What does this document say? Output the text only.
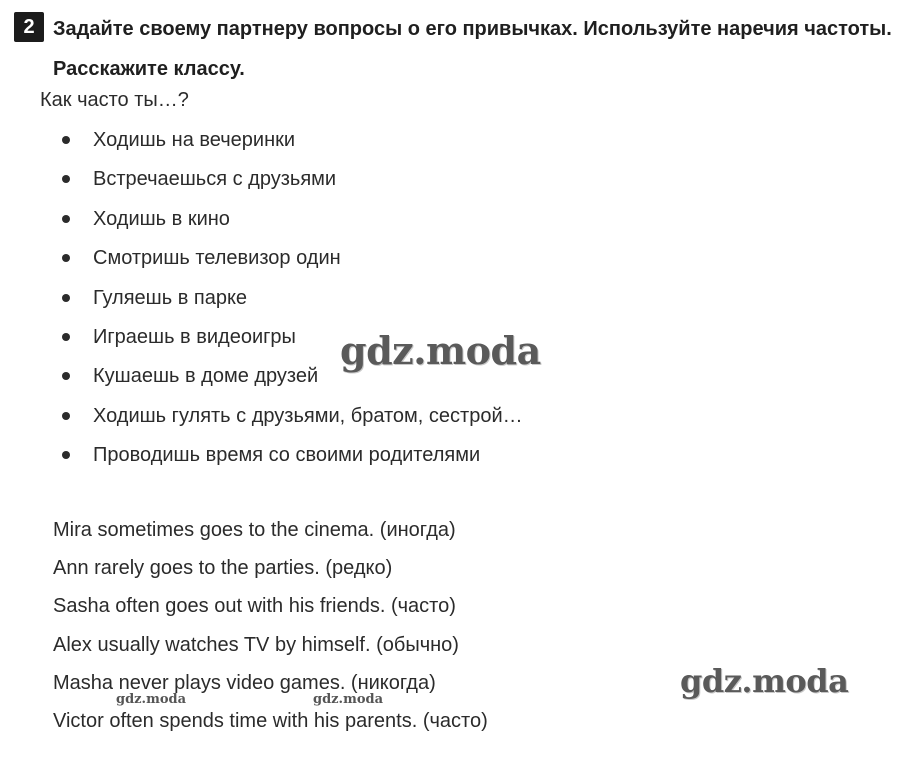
2 Задайте своему партнеру вопросы о его привычках. Используйте наречия частоты. Расскажите классу.

Как часто ты…?

Ходишь на вечеринки
Встречаешься с друзьями
Ходишь в кино
Смотришь телевизор один
Гуляешь в парке
Играешь в видеоигры
Кушаешь в доме друзей
Ходишь гулять с друзьями, братом, сестрой…
Проводишь время со своими родителями
Mira sometimes goes to the cinema. (иногда)
Ann rarely goes to the parties. (редко)
Sasha often goes out with his friends. (часто)
Alex usually watches TV by himself. (обычно)
Masha never plays video games. (никогда)
Victor often spends time with his parents. (часто)
gdz.moda
gdz.moda
gdz.moda	gdz.moda
